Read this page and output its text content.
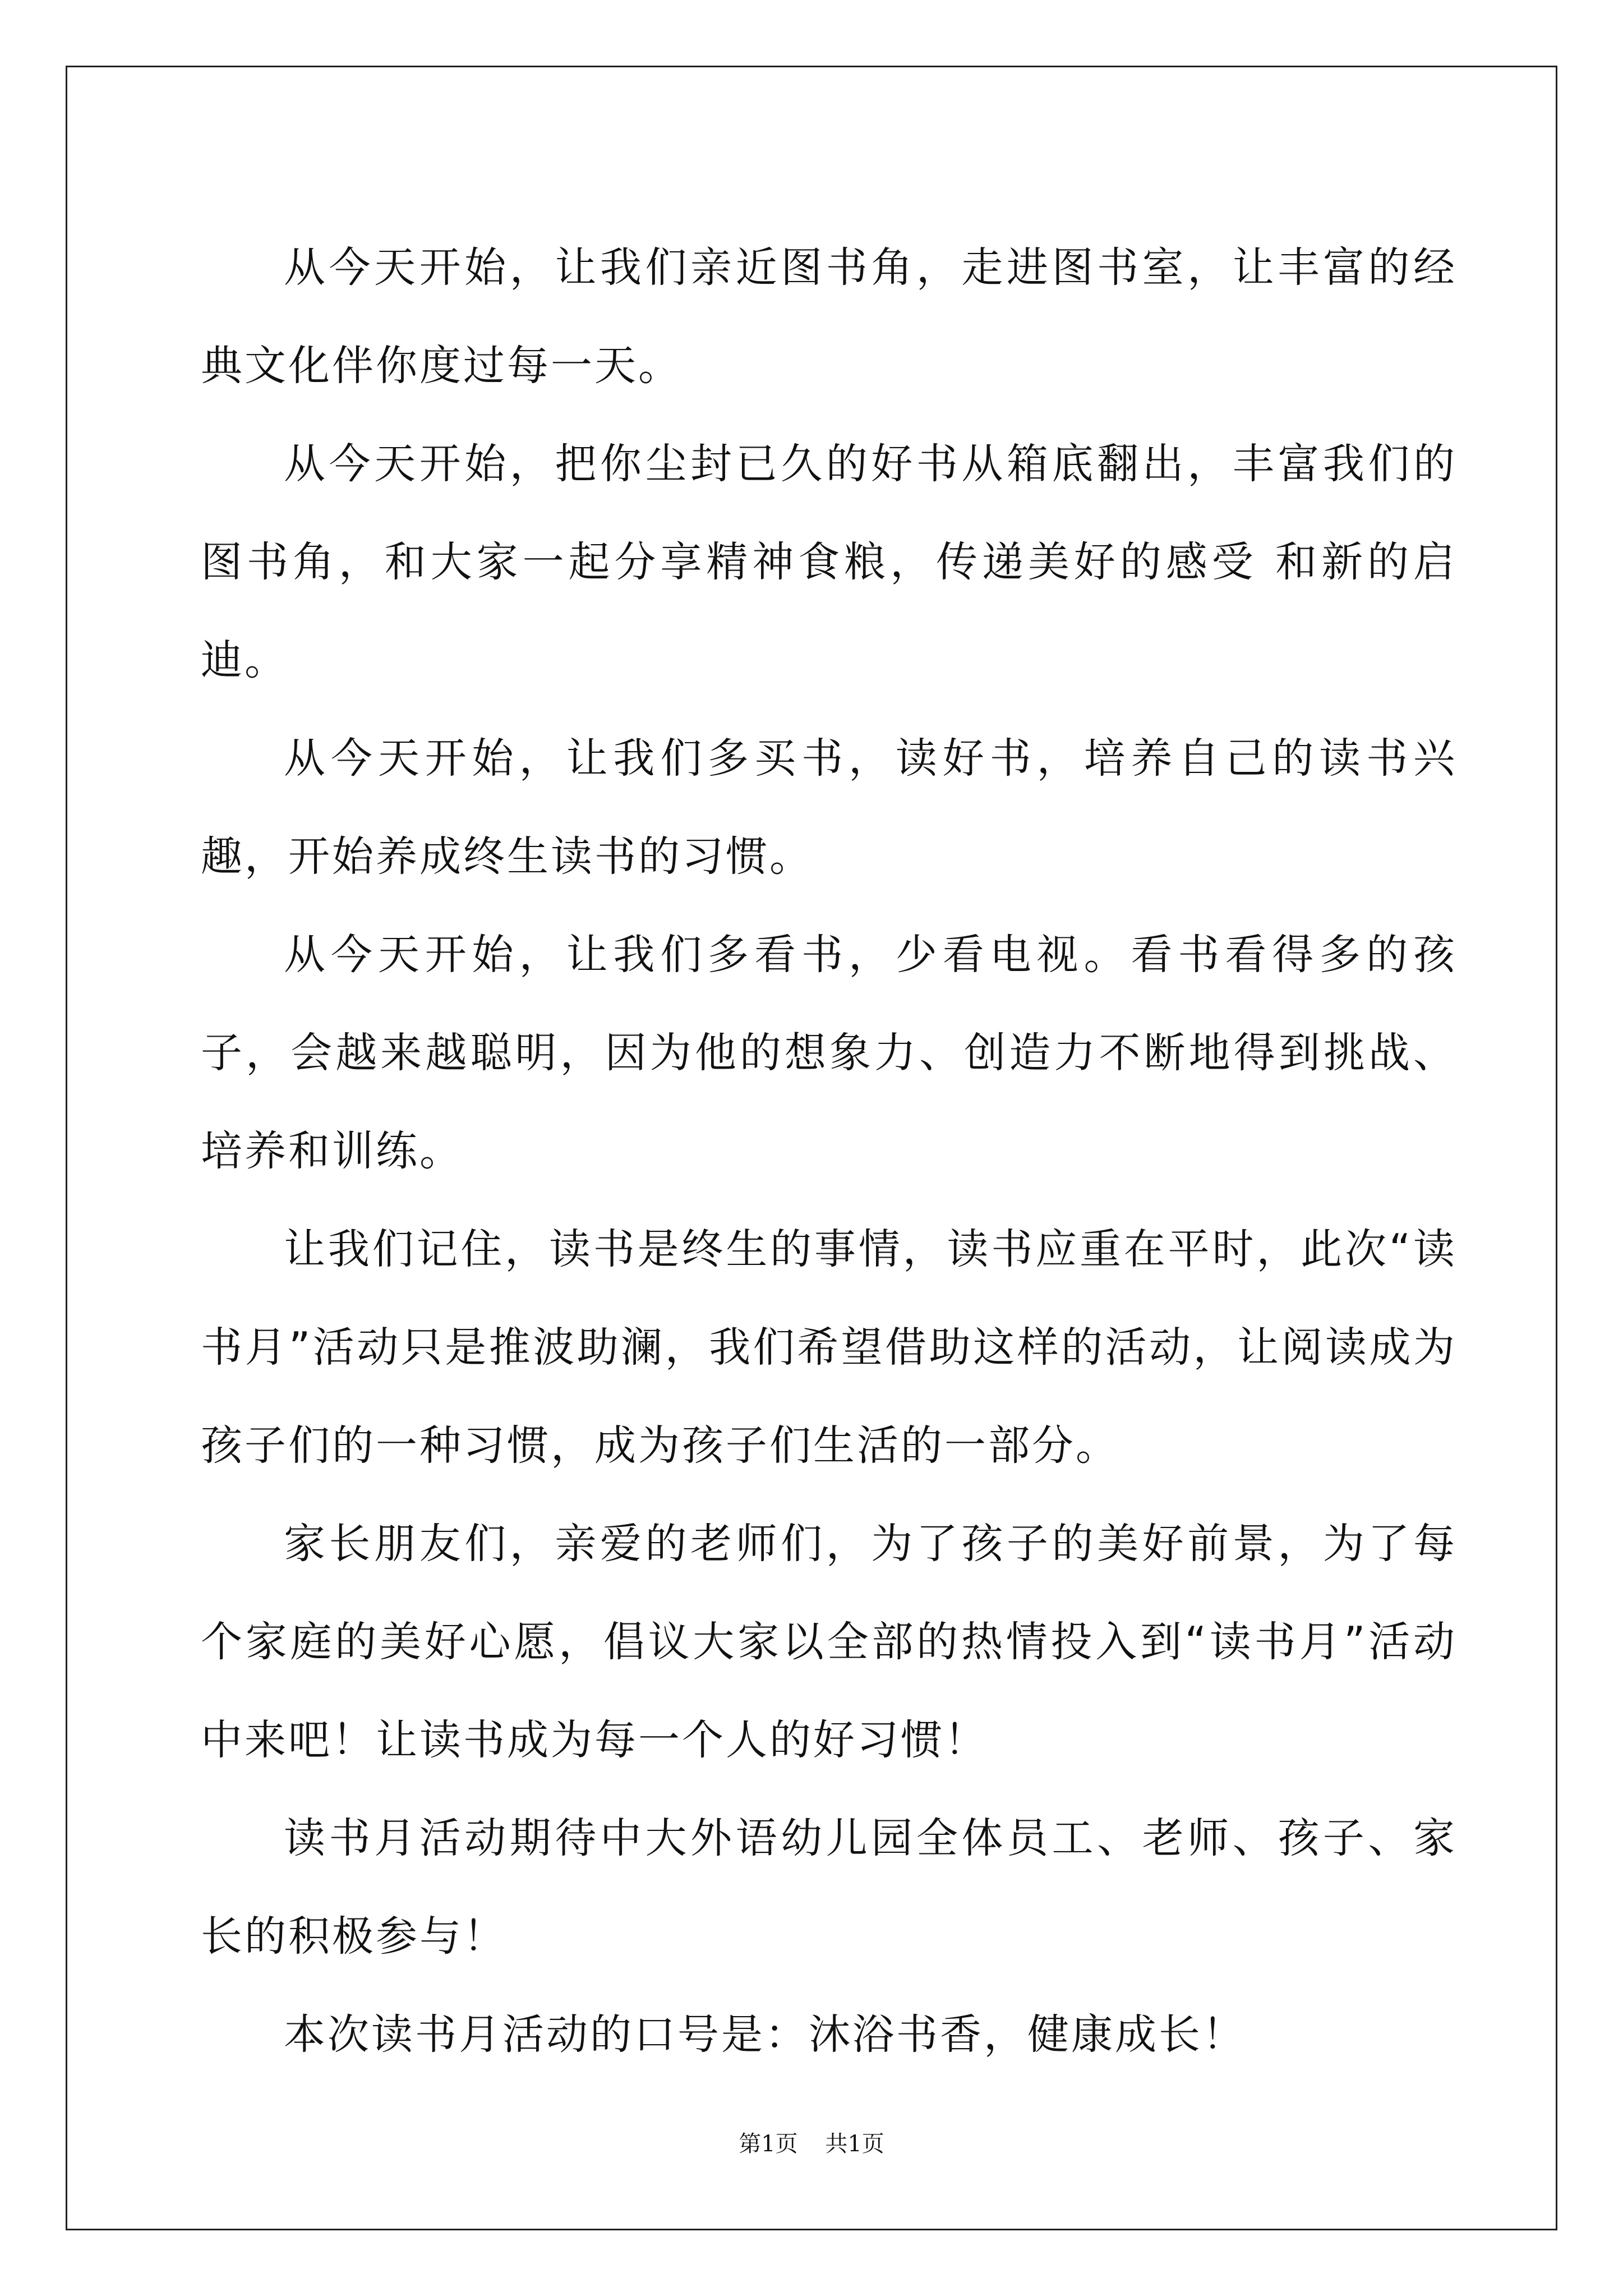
从今天开始，让我们亲近图书角，走进图书室，让丰富的经典文化伴你度过每一天。

从今天开始，把你尘封已久的好书从箱底翻出，丰富我们的图书角，和大家一起分享精神食粮，传递美好的感受 和新的启迪。

从今天开始，让我们多买书，读好书，培养自己的读书兴趣，开始养成终生读书的习惯。

从今天开始，让我们多看书，少看电视。看书看得多的孩子，会越来越聪明，因为他的想象力、创造力不断地得到挑战、培养和训练。

让我们记住，读书是终生的事情，读书应重在平时，此次“读书月”活动只是推波助澜，我们希望借助这样的活动，让阅读成为孩子们的一种习惯，成为孩子们生活的一部分。

家长朋友们，亲爱的老师们，为了孩子的美好前景，为了每个家庭的美好心愿，倡议大家以全部的热情投入到“读书月”活动中来吧！让读书成为每一个人的好习惯！

读书月活动期待中大外语幼儿园全体员工、老师、孩子、家长的积极参与！

本次读书月活动的口号是：沐浴书香，健康成长！

第1页 共1页
